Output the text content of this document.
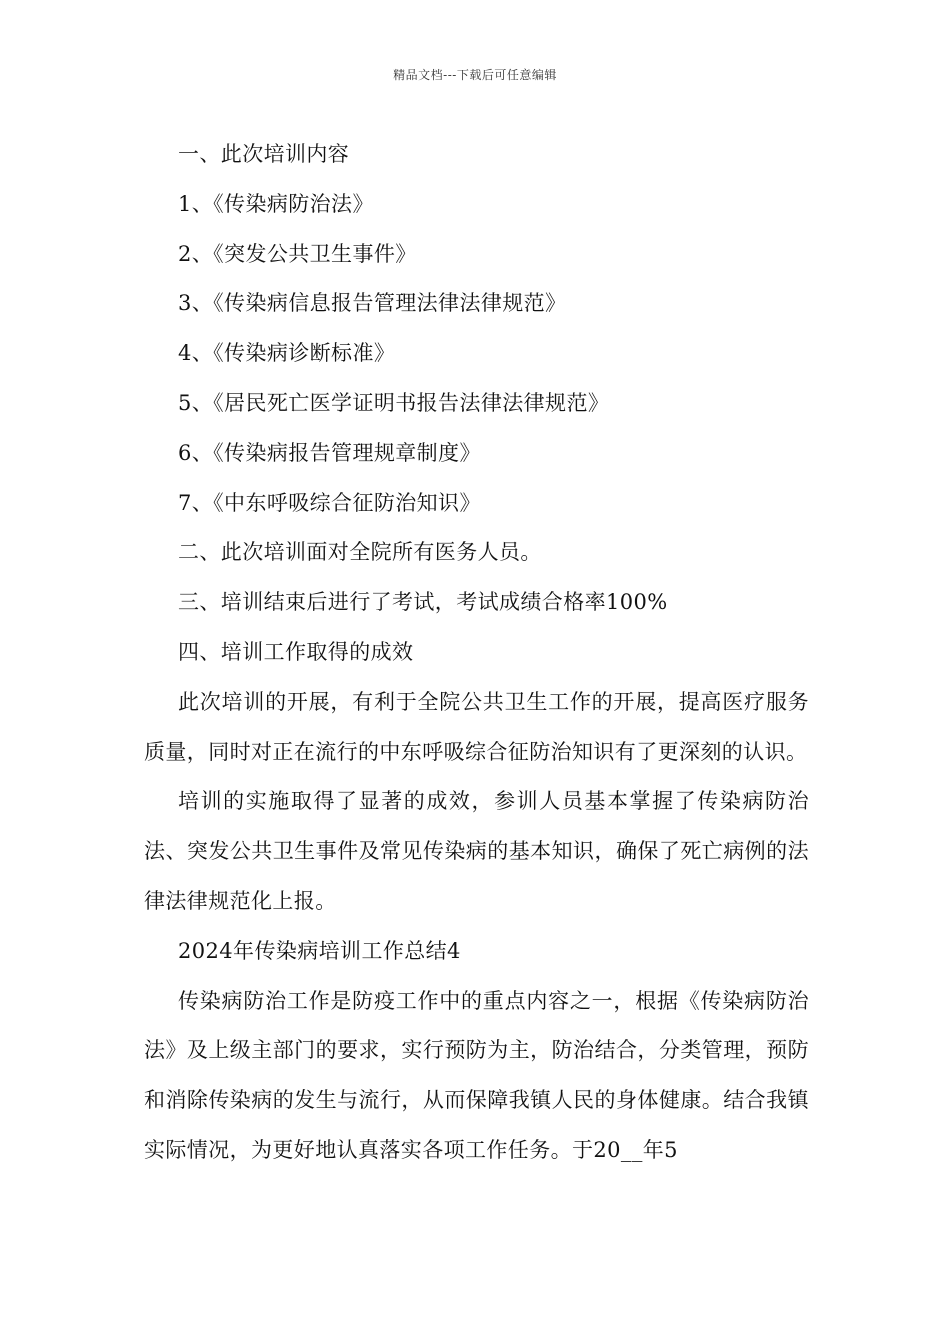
精品文档---下载后可任意编辑
一、此次培训内容
1、《传染病防治法》
2、《突发公共卫生事件》
3、《传染病信息报告管理法律法律规范》
4、《传染病诊断标准》
5、《居民死亡医学证明书报告法律法律规范》
6、《传染病报告管理规章制度》
7、《中东呼吸综合征防治知识》
二、此次培训面对全院所有医务人员。
三、培训结束后进行了考试，考试成绩合格率100%
四、培训工作取得的成效

此次培训的开展，有利于全院公共卫生工作的开展，提高医疗服务质量，同时对正在流行的中东呼吸综合征防治知识有了更深刻的认识。

培训的实施取得了显著的成效，参训人员基本掌握了传染病防治法、突发公共卫生事件及常见传染病的基本知识，确保了死亡病例的法律法律规范化上报。

2024年传染病培训工作总结4

传染病防治工作是防疫工作中的重点内容之一，根据《传染病防治法》及上级主部门的要求，实行预防为主，防治结合，分类管理，预防和消除传染病的发生与流行，从而保障我镇人民的身体健康。结合我镇实际情况，为更好地认真落实各项工作任务。于20__年5
